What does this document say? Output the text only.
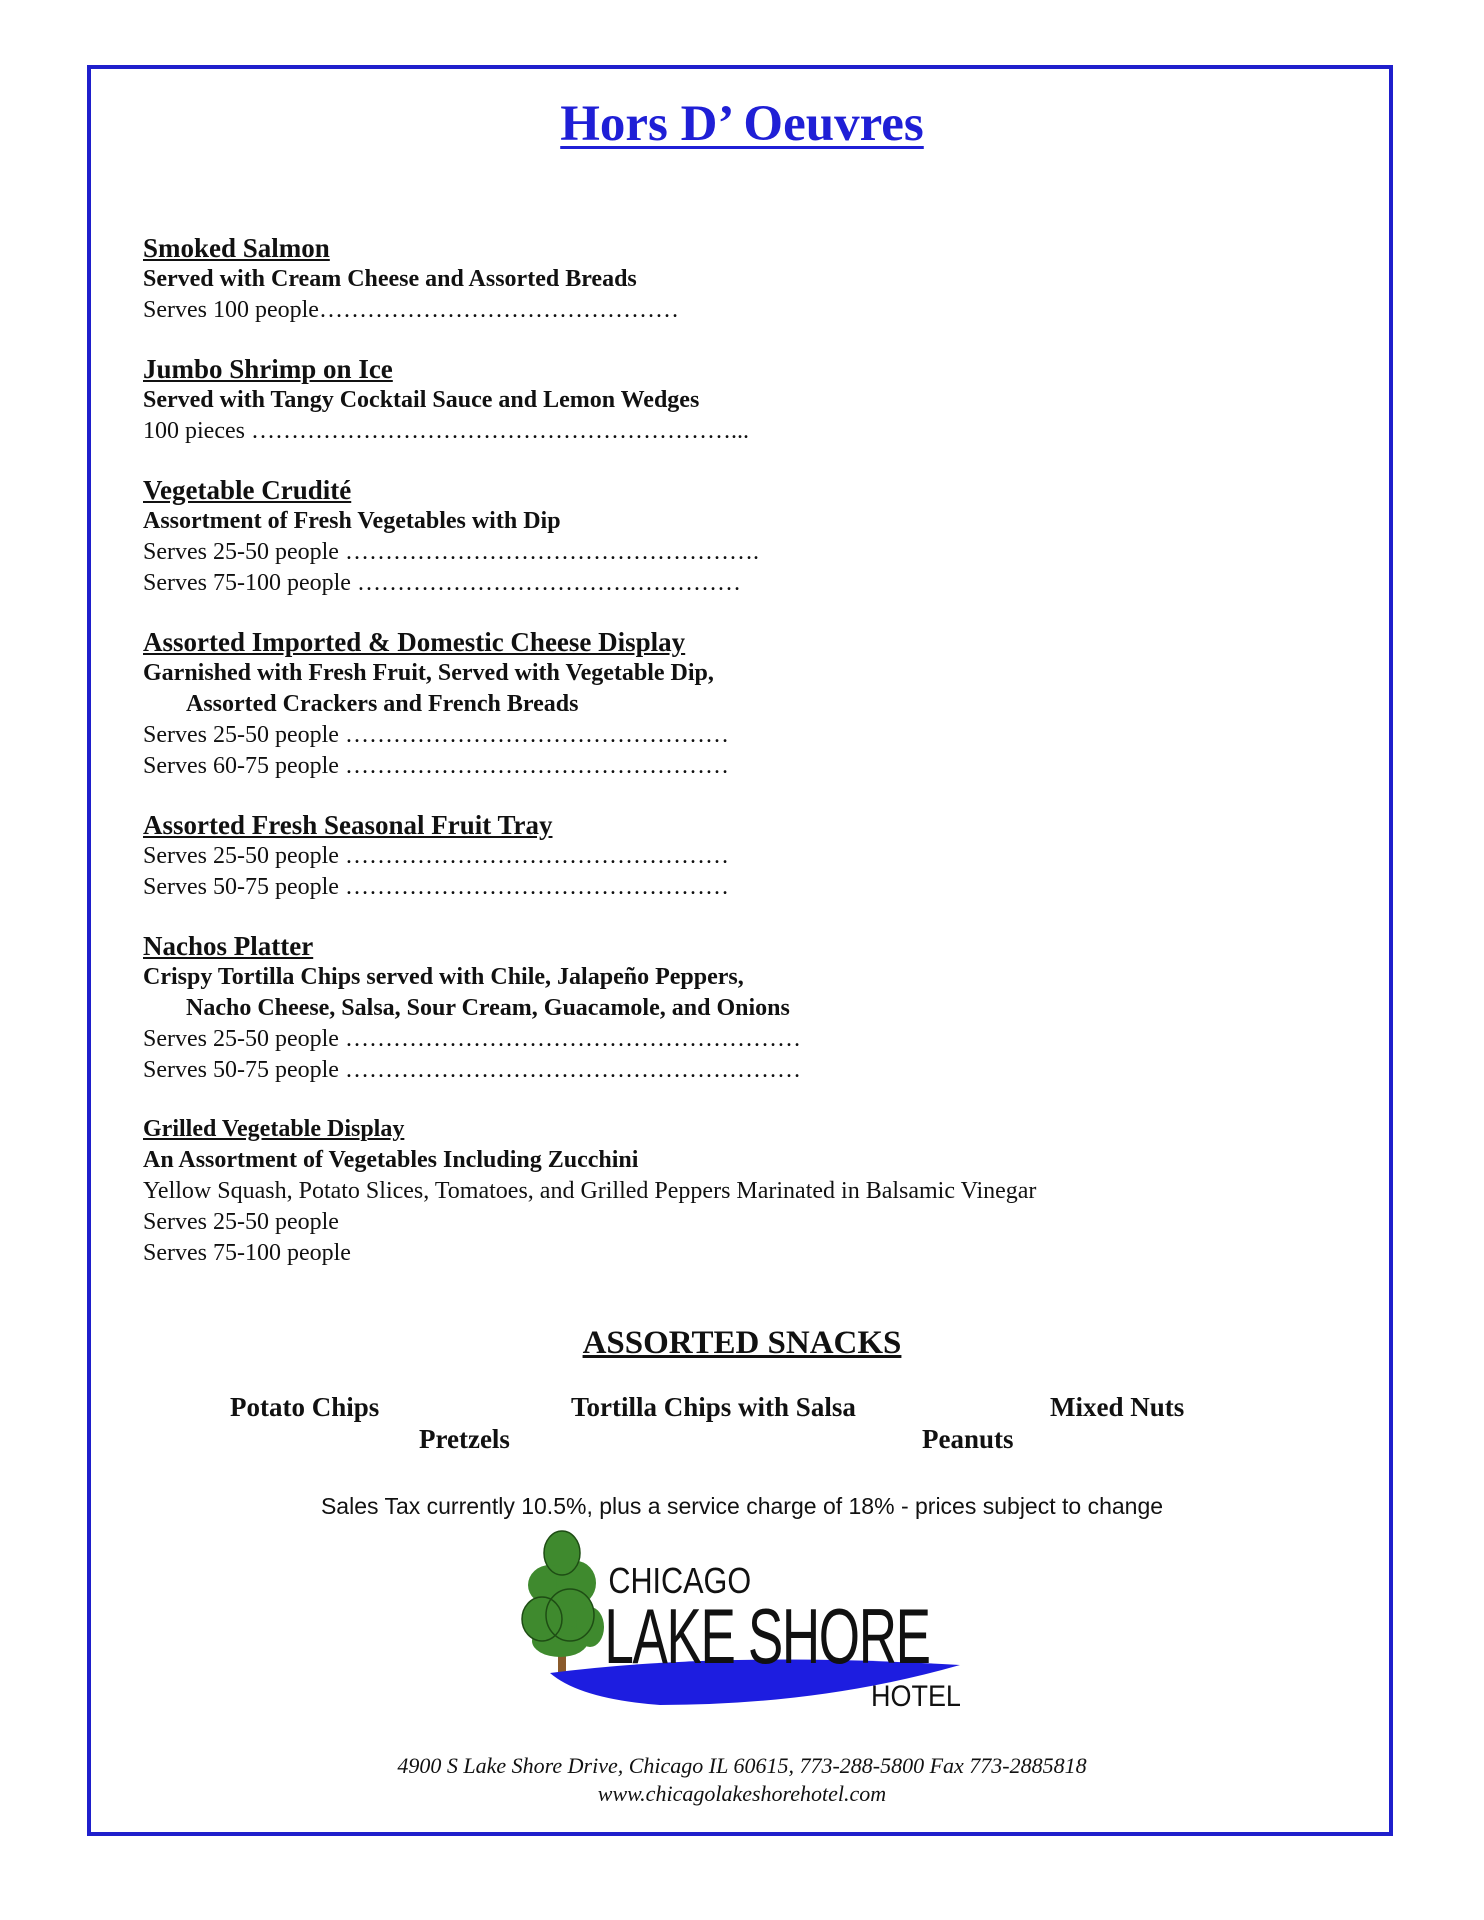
Hors D’ Oeuvres
Smoked Salmon
Served with Cream Cheese and Assorted Breads
Serves 100 people………………………………………
Jumbo Shrimp on Ice
Served with Tangy Cocktail Sauce and Lemon Wedges
100 pieces ……………………………………………………...
Vegetable Crudité
Assortment of Fresh Vegetables with Dip
Serves 25-50 people …………………………………………….
Serves 75-100 people …………………………………………
Assorted Imported & Domestic Cheese Display
Garnished with Fresh Fruit, Served with Vegetable Dip,
Assorted Crackers and French Breads
Serves 25-50 people …………………………………………
Serves 60-75 people …………………………………………
Assorted Fresh Seasonal Fruit Tray
Serves 25-50 people …………………………………………
Serves 50-75 people …………………………………………
Nachos Platter
Crispy Tortilla Chips served with Chile, Jalapeño Peppers,
Nacho Cheese, Salsa, Sour Cream, Guacamole, and Onions
Serves 25-50 people …………………………………………………
Serves 50-75 people …………………………………………………
Grilled Vegetable Display
An Assortment of Vegetables Including Zucchini
Yellow Squash, Potato Slices, Tomatoes, and Grilled Peppers Marinated in Balsamic Vinegar
Serves 25-50 people
Serves 75-100 people
ASSORTED SNACKS
Potato Chips	Tortilla Chips with Salsa	Mixed Nuts
Pretzels	Peanuts
Sales Tax currently 10.5%, plus a service charge of 18% - prices subject to change
CHICAGO
LAKE SHORE
HOTEL
4900 S Lake Shore Drive, Chicago IL 60615, 773-288-5800 Fax 773-2885818
www.chicagolakeshorehotel.com
